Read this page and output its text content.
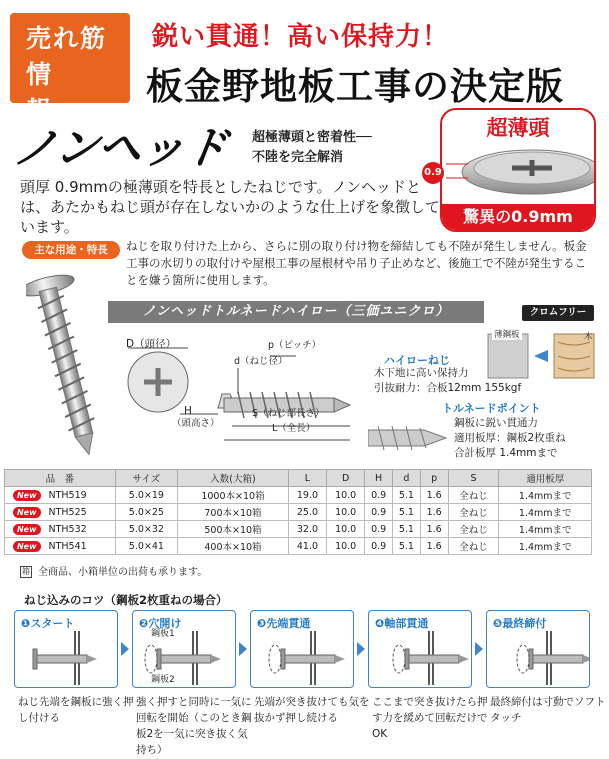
売れ筋
情報
鋭い貫通！高い保持力！
板金野地板工事の決定版
ノンヘッド 超極薄頭と密着性──
不陸を完全解消
頭厚 0.9mmの極薄頭を特長としたねじです。ノンヘッドとは、あたかもねじ頭が存在しないかのような仕上げを象徴しています。
超薄頭
驚異の0.9mm
0.9
主な用途・特長	ねじを取り付けた上から、さらに別の取り付け物を締結しても不陸が発生しません。板金工事の水切りの取付けや屋根工事の屋根材や吊り子止めなど、後施工で不陸が発生することを嫌う箇所に使用します。
ノンヘッドトルネードハイロー（三価ユニクロ）	クロムフリー
D（頭径）
d（ねじ径）
p（ピッチ）
H
（頭高さ）
S（ねじ部長さ）
L（全長）
ハイローねじ
木下地に高い保持力
引抜耐力：合板12mm 155kgf
トルネードポイント
鋼板に鋭い貫通力
適用板厚：鋼板2枚重ね
合計板厚 1.4mmまで
薄鋼板	木
品　番		サイズ	入数(大箱)	L	D	H	d	p	S	適用板厚
New	NTH519	5.0×19	1000本×10箱	19.0	10.0	0.9	5.1	1.6	全ねじ	1.4mmまで
New	NTH525	5.0×25	700本×10箱	25.0	10.0	0.9	5.1	1.6	全ねじ	1.4mmまで
New	NTH532	5.0×32	500本×10箱	32.0	10.0	0.9	5.1	1.6	全ねじ	1.4mmまで
New	NTH541	5.0×41	400本×10箱	41.0	10.0	0.9	5.1	1.6	全ねじ	1.4mmまで
箱 全商品、小箱単位の出荷も承ります。
ねじ込みのコツ（鋼板2枚重ねの場合）
❶スタート
ねじ先端を鋼板に強く押し付ける
❷穴開け
強く押すと同時に一気に回転を開始（このとき鋼板2を一気に突き抜く気持ち）
❸先端貫通
先端が突き抜けても気を抜かず押し続ける
❹軸部貫通
ここまで突き抜けたら押す力を緩めて回転だけでOK
❺最終締付
最終締付は寸動でソフトタッチ
鋼板1
鋼板2
